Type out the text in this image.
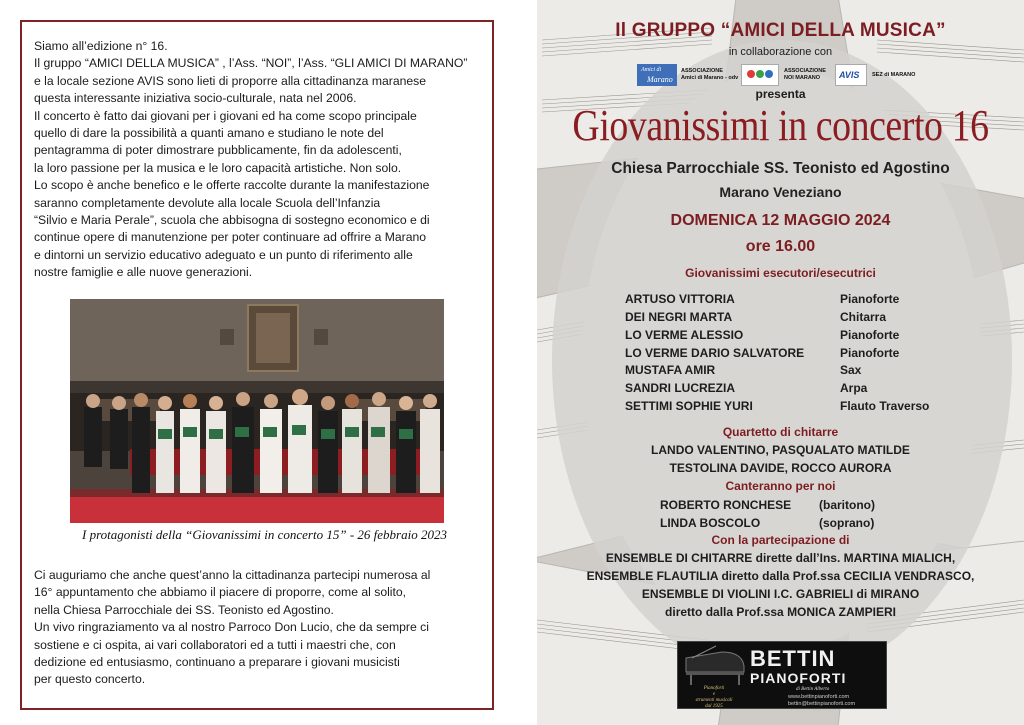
Siamo all’edizione n° 16.
Il gruppo “AMICI DELLA MUSICA” , l’Ass. “NOI”, l’Ass. “GLI AMICI DI MARANO”
e la locale sezione AVIS sono lieti di proporre alla cittadinanza maranese
questa interessante iniziativa socio-culturale, nata nel 2006.
Il concerto è fatto dai giovani per i giovani ed ha come scopo principale
quello di dare la possibilità a quanti amano e studiano le note del
pentagramma di poter dimostrare pubblicamente, fin da adolescenti,
la loro passione per la musica e le loro capacità artistiche. Non solo.
Lo scopo è anche benefico e le offerte raccolte durante la manifestazione
saranno completamente devolute alla locale Scuola dell’Infanzia
“Silvio e Maria Perale”, scuola che abbisogna di sostegno economico e di
continue opere di manutenzione per poter continuare ad offrire a Marano
e dintorni un servizio educativo adeguato e un punto di riferimento alle
nostre famiglie e alle nuove generazioni.
I protagonisti della “Giovanissimi in concerto 15” - 26 febbraio 2023
Ci auguriamo che anche quest’anno la cittadinanza partecipi numerosa al
16° appuntamento che abbiamo il piacere di proporre, come al solito,
nella Chiesa Parrocchiale dei SS. Teonisto ed Agostino.
Un vivo ringraziamento va al nostro Parroco Don Lucio, che da sempre ci
sostiene e ci ospita, ai vari collaboratori ed a tutti i maestri che, con
dedizione ed entusiasmo, continuano a preparare i giovani musicisti
per questo concerto.
Il GRUPPO “AMICI DELLA MUSICA”
in collaborazione con
Amici di
Marano
ASSOCIAZIONE
Amici di Marano - odv
ASSOCIAZIONE
NOI MARANO	AVIS SEZ di MARANO
presenta
Giovanissimi in concerto 16
Chiesa Parrocchiale SS. Teonisto ed Agostino
Marano Veneziano
DOMENICA 12 MAGGIO 2024
ore 16.00
Giovanissimi esecutori/esecutrici
ARTUSO VITTORIA	Pianoforte
DEI NEGRI MARTA	Chitarra
LO VERME ALESSIO	Pianoforte
LO VERME DARIO SALVATORE	Pianoforte
MUSTAFA AMIR	Sax
SANDRI LUCREZIA	Arpa
SETTIMI SOPHIE YURI	Flauto Traverso
Quartetto di chitarre
LANDO VALENTINO, PASQUALATO MATILDE
TESTOLINA DAVIDE, ROCCO AURORA
Canteranno per noi
ROBERTO RONCHESE (baritono)
LINDA BOSCOLO	(soprano)
Con la partecipazione di
ENSEMBLE DI CHITARRE dirette dall’Ins. MARTINA MIALICH,
ENSEMBLE FLAUTILIA diretto dalla Prof.ssa CECILIA VENDRASCO,
ENSEMBLE DI VIOLINI I.C. GABRIELI di MIRANO
diretto dalla Prof.ssa MONICA ZAMPIERI
BETTIN
PIANOFORTI
di Bettin Alberto
Pianoforti
e
strumenti musicali
dal 1925
www.bettinpianoforti.com
bettin@bettinpianoforti.com
